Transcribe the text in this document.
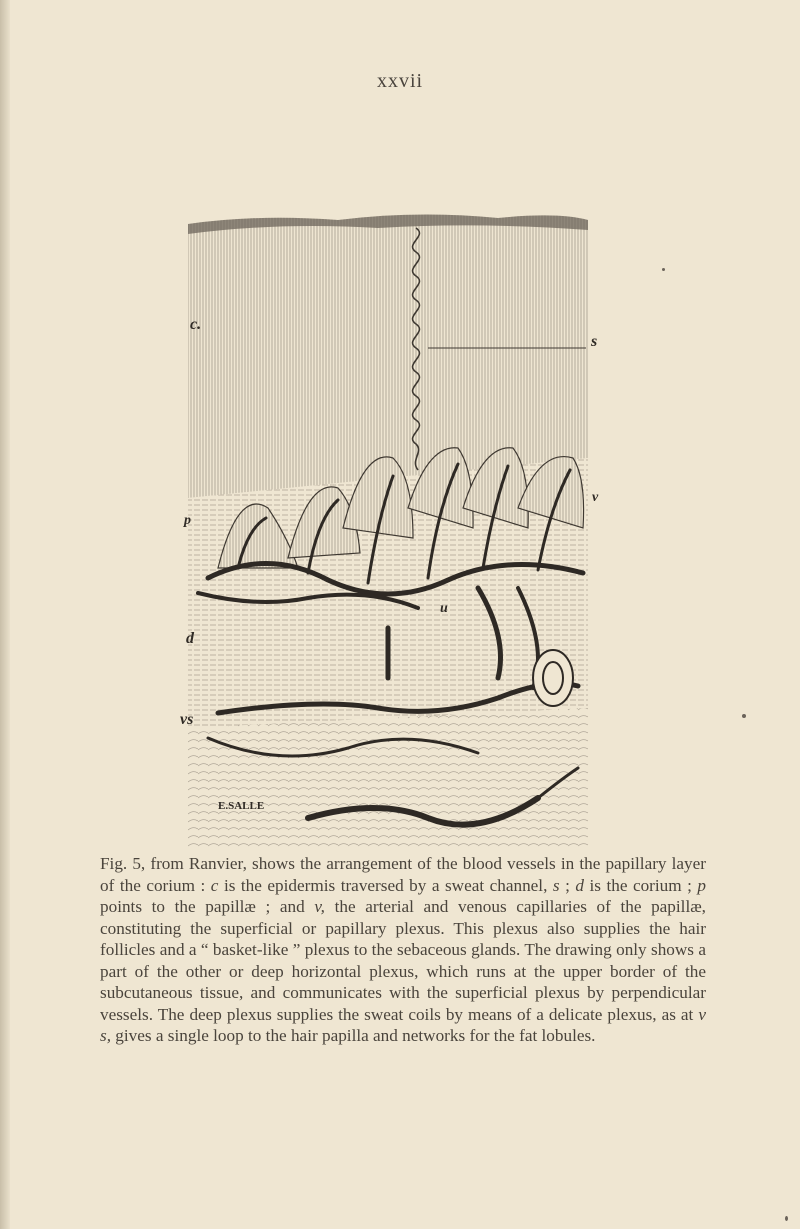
xxvii
c.
s
p
v
d
vs
u
E.SALLE
Fig. 5, from Ranvier, shows the arrangement of the blood vessels in the papillary layer of the corium : c is the epidermis traversed by a sweat channel, s ; d is the corium ; p points to the papillæ ; and v, the arterial and venous capillaries of the papillæ, constituting the superficial or papillary plexus. This plexus also supplies the hair follicles and a “ basket-like ” plexus to the sebaceous glands. The drawing only shows a part of the other or deep horizontal plexus, which runs at the upper border of the subcutaneous tissue, and communicates with the superficial plexus by perpendicular vessels. The deep plexus supplies the sweat coils by means of a delicate plexus, as at v s, gives a single loop to the hair papilla and networks for the fat lobules.
